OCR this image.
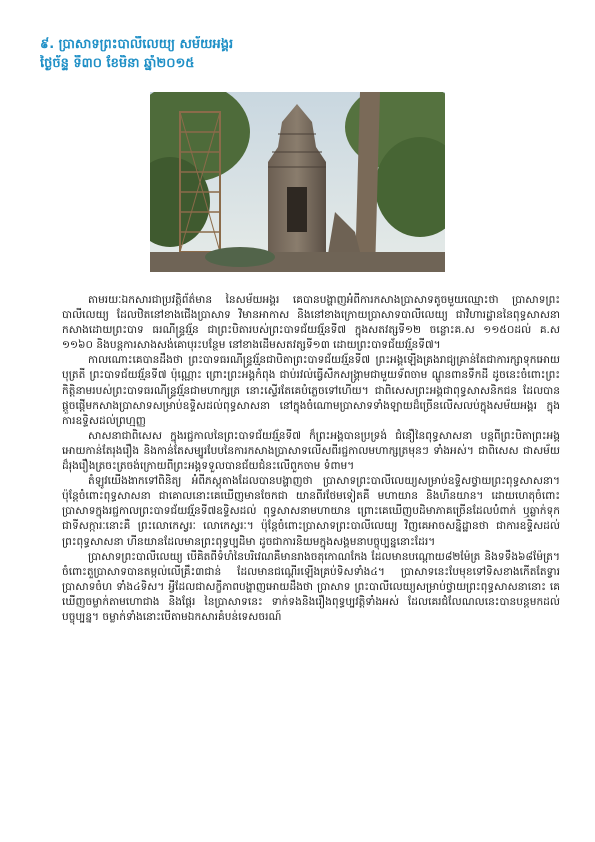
៩. ប្រាសាទព្រះបាលីលេយ្យ សម័យអង្គរ
ថ្ងៃច័ន្ទ ទី៣០ ខែមិនា ឆ្នាំ២០១៥

តាមរយៈឯកសារជាប្រវត្តិព័ត៌មាន នៃសម័យអង្គរ គេបានបង្ហាញអំពីការកសាងប្រាសាទតូចមួយឈ្មោះថា ប្រាសាទព្រះបាលីលេយ្យ ដែលឋិតនៅខាងជើងប្រាសាទ វិមានអាកាស និងនៅខាងក្រោយប្រាសាទបាលីលេយ្យ ជាវិហារដ្ឋាននៃពុទ្ធសាសនា កសាងដោយព្រះបាទ ធរណីន្ទ្រវរ្ម័ន ជាព្រះបិតារបស់ព្រះបាទជ័យវរ្ម័នទី៧ ក្នុងសតវត្សទី១២ ចន្លោះគ.ស ១១៥០ដល់ គ.ស ១១៦០ និងបន្តការសាងសង់គោបុរះបន្ថែម នៅខាងដើមសតវត្សទី១៣ ដោយព្រះបាទជ័យវរ្ម័នទី៧។

កាលណោះគេបានដឹងថា ព្រះបាទធរណីន្ទ្រវរ្ម័នជាបិតាព្រះបាទជ័យវរ្ម័នទី៧ ព្រះអង្គឡើងគ្រងរាជ្យគ្រាន់តែជាការក្សាទុកអោយបុត្រតី ព្រះបាទជ័យវរ្ម័នទី៧ ប៉ុណ្ណោះ ព្រោះព្រះអង្គកំពុង ជាប់រវល់ធ្វើសឹកសង្គ្រាមជាមួយទ័ពចាម ណ្ហូនពានទឹកដី ដូចនេះចំពោះព្រះកិត្តិនាមរបស់ព្រះបាទធរណីន្ទ្រវរ្ម័នជាមហាក្សត្រ នោះស្ទើរតែគេបំភ្លេចទៅហើយ។ ជាពិសេសព្រះអង្គជាពុទ្ធសាសនិកជន ដែលបានផ្ដួចផ្ដើមកសាងប្រាសាទសម្រាប់ឧទ្ទិសដល់ពុទ្ធសាសនា នៅក្នុងចំណោមប្រាសាទទាំងឡាយដ៏ច្រើនលើសលប់ក្នុងសម័យអង្គរ ក្នុងការឧទ្ទិសដល់ព្រហ្មញ្ញ

សាសនាជាពិសេស ក្នុងរជ្ជកាលនៃព្រះបាទជ័យវរ្ម័នទី៧ ក៏ព្រះអង្គបានប្រទ្រង់ ជំនឿនៃពុទ្ធសាសនា បន្តពីព្រះបិតាព្រះអង្គអោយកាន់តែរុងរឿង និងកាន់តែសម្បូរបែបនៃការកសាងប្រាសាទលើសពីរជ្ជកាលមហាក្សត្រមុនៗ ទាំងអស់។ ជាពិសេស ជាសម័យដ៏រុងរឿងត្រចះត្រចង់ក្រោយពីព្រះអង្គទទួលបានជ័យជំនះលើពួកចាម ទំពាម។

តំឡូវយើងងាកទៅពិនិត្យ អំពីភស្តុតាងដែលបានបង្ហាញថា ប្រាសាទព្រះបាលីលេយ្យសម្រាប់ឧទ្ទិសថ្វាយព្រះពុទ្ធសាសនា។ ប៉ុន្តែចំពោះពុទ្ធសាសនា ជាគោលនោះគេឃើញមានចែកជា យានពីរថែមទៀតគឺ មហាយាន និងហីនយាន។ ដោយហេតុចំពោះប្រាសាទក្នុងរជ្ជកាលព្រះបាទជ័យវរ្ម័នទី៧ឧទ្ទិសដល់ ពុទ្ធសាសនាមហាយាន ព្រោះគេឃើញបដិមាភាគច្រើនដែលបំពាក់ ឬឆ្លាក់ទុកជាទីសក្ការៈនោះគឺ ព្រះលោកេស្វរៈ លោកេស្វរៈ។ ប៉ុន្តែចំពោះប្រាសាទព្រះបាលីលេយ្យ វិញគេអាចសន្និដ្ឋានថា ជាការឧទ្ទិសដល់ព្រះពុទ្ធសាសនា ហីនយានដែលមានព្រះពុទ្ធប្បដិមា ដូចជាការនិយមក្នុងសង្គមនាបច្ចុប្បន្ននោះដែរ។

ប្រាសាទព្រះបាលីលេយ្យ បើគិតពីទំហំនៃបរិវេណគឺមានរាងចតុកោណកែង ដែលមានបណ្ដោយ៨២ម៉ែត្រ និងទទឹង៦៨ម៉ែត្រ។ ចំពោះតួប្រាសាទបានតម្កល់លើគ្រឹះ៣ជាន់ ដែលមានជណ្ដើរឡើងគ្រប់ទិសទាំង៤។ ប្រាសាទនេះបែមុខទៅទិសខាងកើតតែទ្វារប្រាសាទចំហ ទាំង៤ទិស។ អ្វីដែលជាសក្ខីភាពបង្ហាញអោយដឹងថា ប្រាសាទ ព្រះបាលីលេយ្យសម្រាប់ថ្វាយព្រះពុទ្ធសាសនានោះ គេឃើញចម្លាក់តាមហោជាង និងផ្ដែរ នៃប្រាសាទនេះ ទាក់ទងនិងរឿងពុទ្ធប្បវត្តិទាំងអស់ ដែលគេរជំលែណលនេះបានបន្តមកដល់បច្ចុប្បន្ន។ ចម្លាក់ទាំងនោះបើតាមឯកសារគំបន់ទេសចរណ៍
